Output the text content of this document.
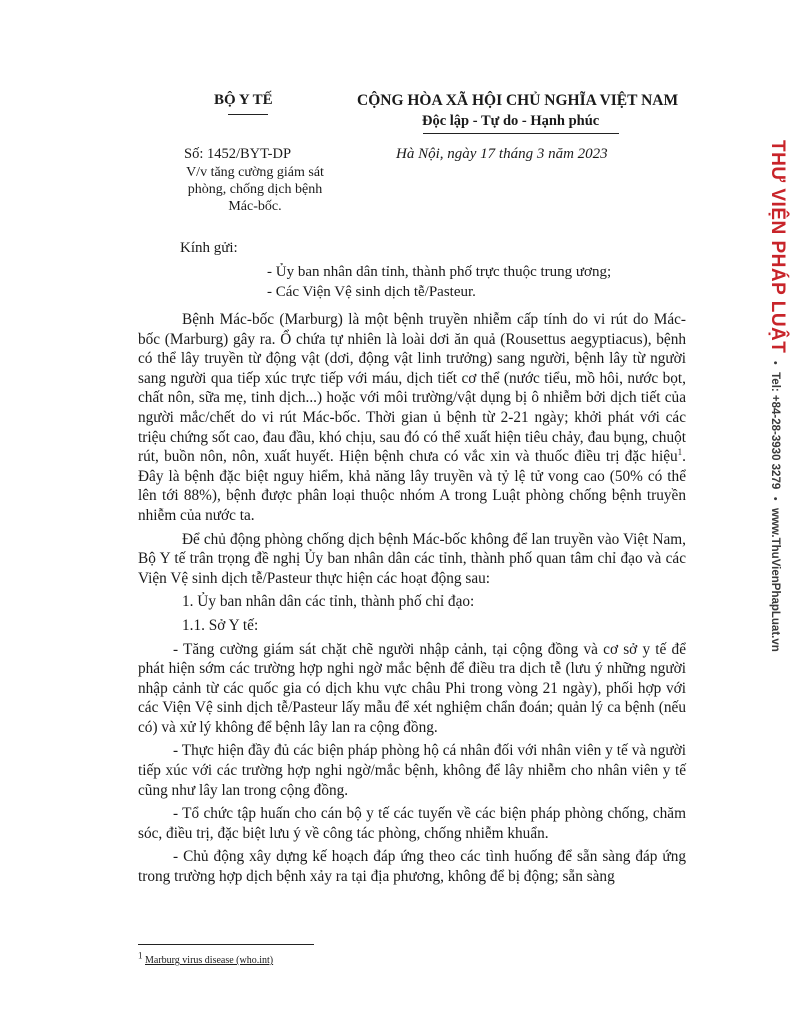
BỘ Y TẾ	CỘNG HÒA XÃ HỘI CHỦ NGHĨA VIỆT NAM
Độc lập - Tự do - Hạnh phúc
Số: 1452/BYT-DP
V/v tăng cường giám sát
phòng, chống dịch bệnh
Mác-bốc.
Hà Nội, ngày 17 tháng 3 năm 2023
Kính gửi:
- Ủy ban nhân dân tỉnh, thành phố trực thuộc trung ương;
- Các Viện Vệ sinh dịch tễ/Pasteur.

Bệnh Mác-bốc (Marburg) là một bệnh truyền nhiễm cấp tính do vi rút do Mác-bốc (Marburg) gây ra. Ổ chứa tự nhiên là loài dơi ăn quả (Rousettus aegyptiacus), bệnh có thể lây truyền từ động vật (dơi, động vật linh trưởng) sang người, bệnh lây từ người sang người qua tiếp xúc trực tiếp với máu, dịch tiết cơ thể (nước tiểu, mồ hôi, nước bọt, chất nôn, sữa mẹ, tinh dịch...) hoặc với môi trường/vật dụng bị ô nhiễm bởi dịch tiết của người mắc/chết do vi rút Mác-bốc. Thời gian ủ bệnh từ 2-21 ngày; khởi phát với các triệu chứng sốt cao, đau đầu, khó chịu, sau đó có thể xuất hiện tiêu chảy, đau bụng, chuột rút, buồn nôn, nôn, xuất huyết. Hiện bệnh chưa có vắc xin và thuốc điều trị đặc hiệu$^1$. Đây là bệnh đặc biệt nguy hiểm, khả năng lây truyền và tỷ lệ tử vong cao (50% có thể lên tới 88%), bệnh được phân loại thuộc nhóm A trong Luật phòng chống bệnh truyền nhiễm của nước ta.

Để chủ động phòng chống dịch bệnh Mác-bốc không để lan truyền vào Việt Nam, Bộ Y tế trân trọng đề nghị Ủy ban nhân dân các tỉnh, thành phố quan tâm chỉ đạo và các Viện Vệ sinh dịch tễ/Pasteur thực hiện các hoạt động sau:

1. Ủy ban nhân dân các tỉnh, thành phố chỉ đạo:

1.1. Sở Y tế:

- Tăng cường giám sát chặt chẽ người nhập cảnh, tại cộng đồng và cơ sở y tế để phát hiện sớm các trường hợp nghi ngờ mắc bệnh để điều tra dịch tễ (lưu ý những người nhập cảnh từ các quốc gia có dịch khu vực châu Phi trong vòng 21 ngày), phối hợp với các Viện Vệ sinh dịch tễ/Pasteur lấy mẫu để xét nghiệm chẩn đoán; quản lý ca bệnh (nếu có) và xử lý không để bệnh lây lan ra cộng đồng.

- Thực hiện đầy đủ các biện pháp phòng hộ cá nhân đối với nhân viên y tế và người tiếp xúc với các trường hợp nghi ngờ/mắc bệnh, không để lây nhiễm cho nhân viên y tế cũng như lây lan trong cộng đồng.

- Tổ chức tập huấn cho cán bộ y tế các tuyến về các biện pháp phòng chống, chăm sóc, điều trị, đặc biệt lưu ý về công tác phòng, chống nhiễm khuẩn.

- Chủ động xây dựng kế hoạch đáp ứng theo các tình huống để sẵn sàng đáp ứng trong trường hợp dịch bệnh xảy ra tại địa phương, không để bị động; sẵn sàng

$^1$ Marburg virus disease (who.int)
THƯ VIỆN PHÁP LUẬT • Tel: +84-28-3930 3279 • www.ThuVienPhapLuat.vn
